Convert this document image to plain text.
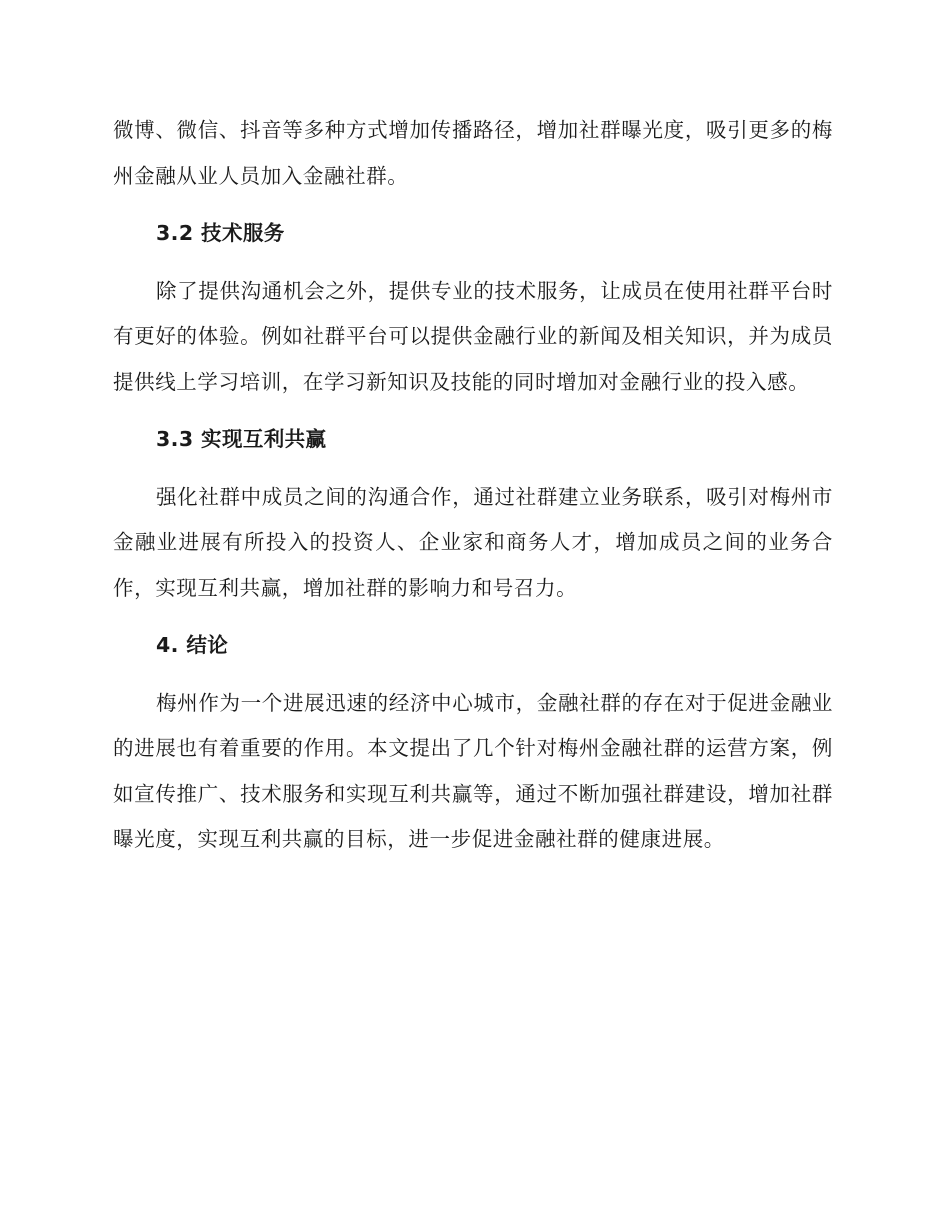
微博、微信、抖音等多种方式增加传播路径，增加社群曝光度，吸引更多的梅州金融从业人员加入金融社群。

3.2 技术服务

除了提供沟通机会之外，提供专业的技术服务，让成员在使用社群平台时有更好的体验。例如社群平台可以提供金融行业的新闻及相关知识，并为成员提供线上学习培训，在学习新知识及技能的同时增加对金融行业的投入感。

3.3 实现互利共赢

强化社群中成员之间的沟通合作，通过社群建立业务联系，吸引对梅州市金融业进展有所投入的投资人、企业家和商务人才，增加成员之间的业务合作，实现互利共赢，增加社群的影响力和号召力。

4. 结论

梅州作为一个进展迅速的经济中心城市，金融社群的存在对于促进金融业的进展也有着重要的作用。本文提出了几个针对梅州金融社群的运营方案，例如宣传推广、技术服务和实现互利共赢等，通过不断加强社群建设，增加社群曝光度，实现互利共赢的目标，进一步促进金融社群的健康进展。
